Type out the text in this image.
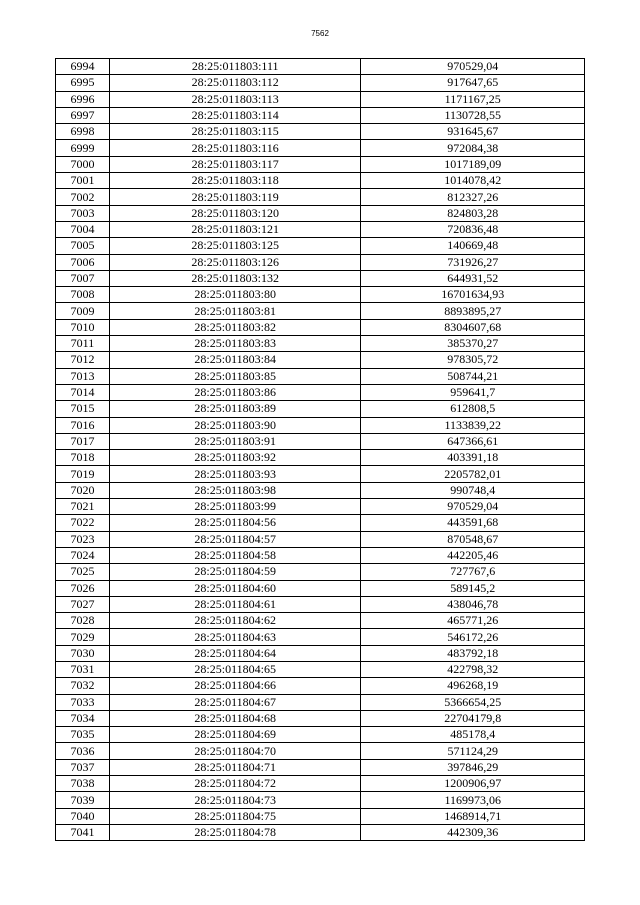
7562
6994	28:25:011803:111	970529,04
6995	28:25:011803:112	917647,65
6996	28:25:011803:113	1171167,25
6997	28:25:011803:114	1130728,55
6998	28:25:011803:115	931645,67
6999	28:25:011803:116	972084,38
7000	28:25:011803:117	1017189,09
7001	28:25:011803:118	1014078,42
7002	28:25:011803:119	812327,26
7003	28:25:011803:120	824803,28
7004	28:25:011803:121	720836,48
7005	28:25:011803:125	140669,48
7006	28:25:011803:126	731926,27
7007	28:25:011803:132	644931,52
7008	28:25:011803:80	16701634,93
7009	28:25:011803:81	8893895,27
7010	28:25:011803:82	8304607,68
7011	28:25:011803:83	385370,27
7012	28:25:011803:84	978305,72
7013	28:25:011803:85	508744,21
7014	28:25:011803:86	959641,7
7015	28:25:011803:89	612808,5
7016	28:25:011803:90	1133839,22
7017	28:25:011803:91	647366,61
7018	28:25:011803:92	403391,18
7019	28:25:011803:93	2205782,01
7020	28:25:011803:98	990748,4
7021	28:25:011803:99	970529,04
7022	28:25:011804:56	443591,68
7023	28:25:011804:57	870548,67
7024	28:25:011804:58	442205,46
7025	28:25:011804:59	727767,6
7026	28:25:011804:60	589145,2
7027	28:25:011804:61	438046,78
7028	28:25:011804:62	465771,26
7029	28:25:011804:63	546172,26
7030	28:25:011804:64	483792,18
7031	28:25:011804:65	422798,32
7032	28:25:011804:66	496268,19
7033	28:25:011804:67	5366654,25
7034	28:25:011804:68	22704179,8
7035	28:25:011804:69	485178,4
7036	28:25:011804:70	571124,29
7037	28:25:011804:71	397846,29
7038	28:25:011804:72	1200906,97
7039	28:25:011804:73	1169973,06
7040	28:25:011804:75	1468914,71
7041	28:25:011804:78	442309,36
